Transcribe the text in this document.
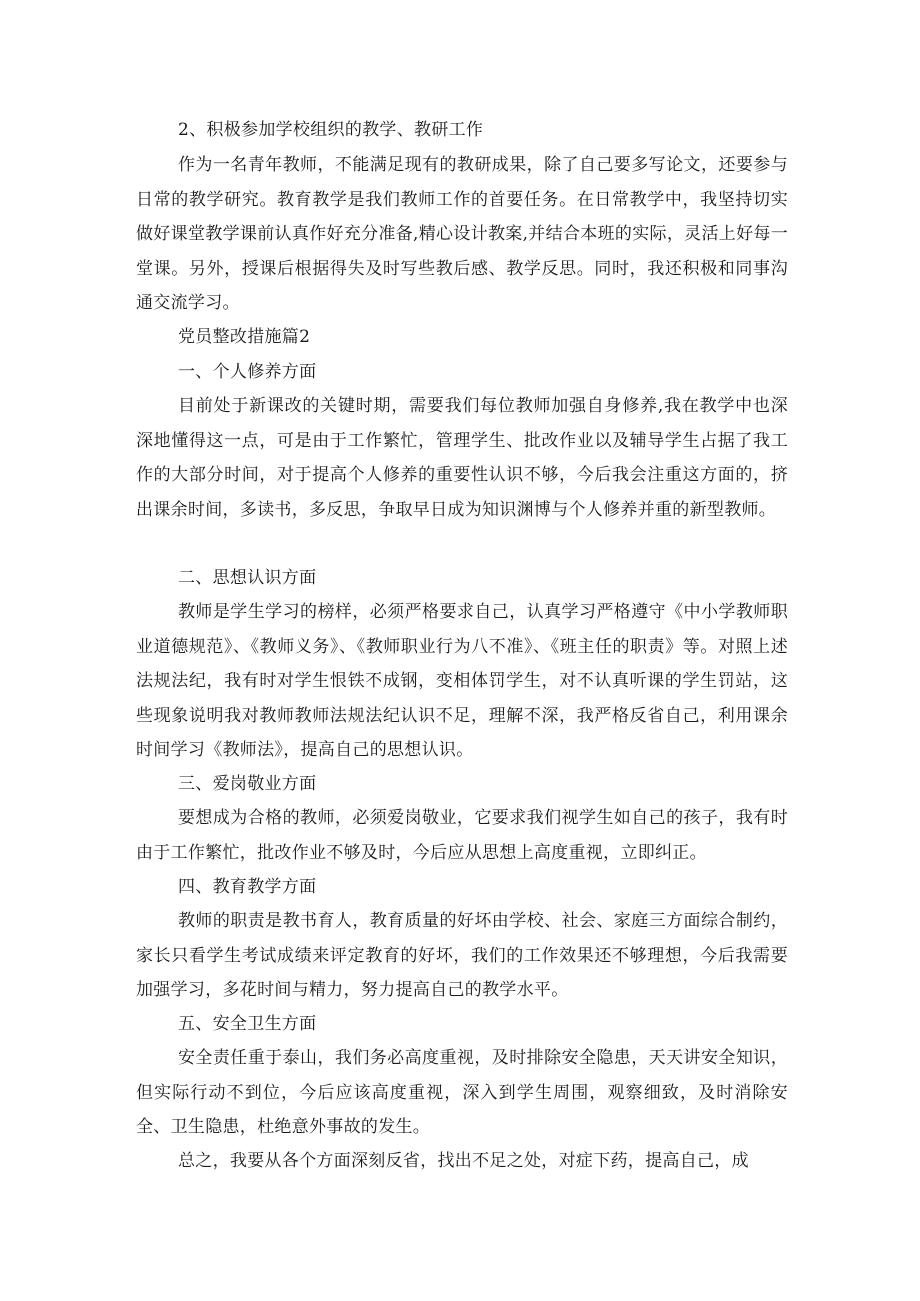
2、积极参加学校组织的教学、教研工作

作为一名青年教师，不能满足现有的教研成果，除了自己要多写论文，还要参与日常的教学研究。教育教学是我们教师工作的首要任务。在日常教学中，我坚持切实做好课堂教学课前认真作好充分准备,精心设计教案,并结合本班的实际，灵活上好每一堂课。另外，授课后根据得失及时写些教后感、教学反思。同时，我还积极和同事沟通交流学习。

党员整改措施篇2

一、个人修养方面

目前处于新课改的关键时期，需要我们每位教师加强自身修养,我在教学中也深深地懂得这一点，可是由于工作繁忙，管理学生、批改作业以及辅导学生占据了我工作的大部分时间，对于提高个人修养的重要性认识不够，今后我会注重这方面的，挤出课余时间，多读书，多反思，争取早日成为知识渊博与个人修养并重的新型教师。

二、思想认识方面

教师是学生学习的榜样，必须严格要求自己，认真学习严格遵守《中小学教师职业道德规范》、《教师义务》、《教师职业行为八不准》、《班主任的职责》等。对照上述法规法纪，我有时对学生恨铁不成钢，变相体罚学生，对不认真听课的学生罚站，这些现象说明我对教师教师法规法纪认识不足，理解不深，我严格反省自己，利用课余时间学习《教师法》，提高自己的思想认识。

三、爱岗敬业方面

要想成为合格的教师，必须爱岗敬业，它要求我们视学生如自己的孩子，我有时由于工作繁忙，批改作业不够及时，今后应从思想上高度重视，立即纠正。

四、教育教学方面

教师的职责是教书育人，教育质量的好坏由学校、社会、家庭三方面综合制约，家长只看学生考试成绩来评定教育的好坏，我们的工作效果还不够理想，今后我需要加强学习，多花时间与精力，努力提高自己的教学水平。

五、安全卫生方面

安全责任重于泰山，我们务必高度重视，及时排除安全隐患，天天讲安全知识，但实际行动不到位，今后应该高度重视，深入到学生周围，观察细致，及时消除安全、卫生隐患，杜绝意外事故的发生。

总之，我要从各个方面深刻反省，找出不足之处，对症下药，提高自己，成
